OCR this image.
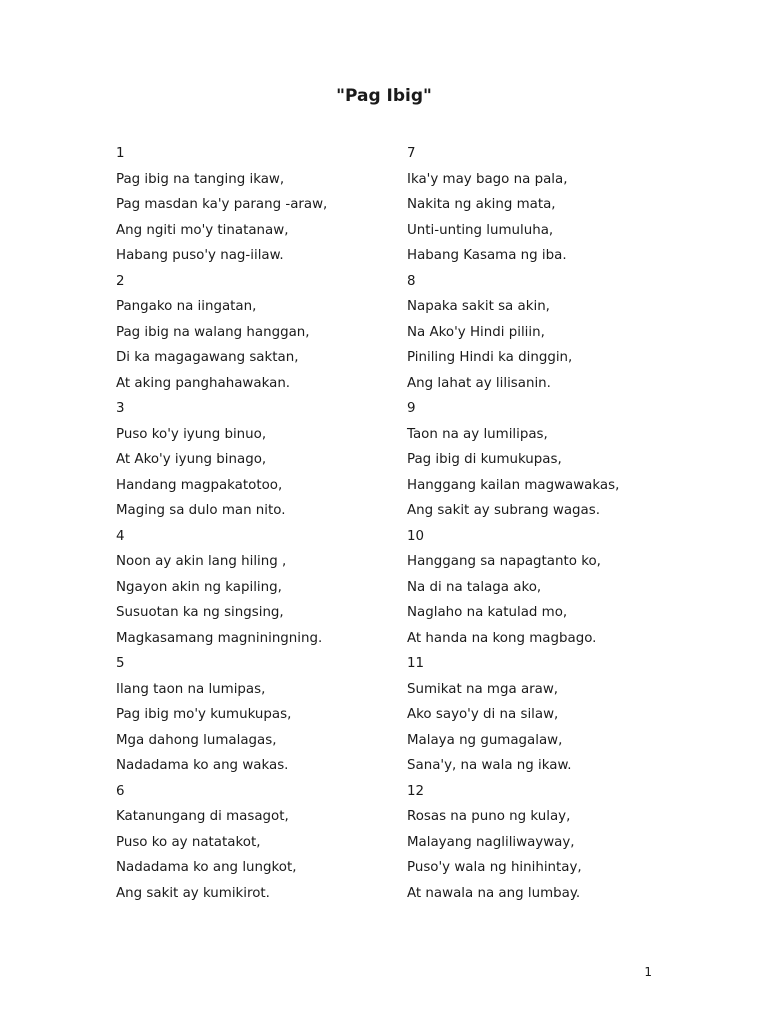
"Pag Ibig"
1
Pag ibig na tanging ikaw,
Pag masdan ka'y parang -araw,
Ang ngiti mo'y tinatanaw,
Habang puso'y nag-iilaw.
2
Pangako na iingatan,
Pag ibig na walang hanggan,
Di ka magagawang saktan,
At aking panghahawakan.
3
Puso ko'y iyung binuo,
At Ako'y iyung binago,
Handang magpakatotoo,
Maging sa dulo man nito.
4
Noon ay akin lang hiling ,
Ngayon akin ng kapiling,
Susuotan ka ng singsing,
Magkasamang magniningning.
5
Ilang taon na lumipas,
Pag ibig mo'y kumukupas,
Mga dahong lumalagas,
Nadadama ko ang wakas.
6
Katanungang di masagot,
Puso ko ay natatakot,
Nadadama ko ang lungkot,
Ang sakit ay kumikirot.
7
Ika'y may bago na pala,
Nakita ng aking mata,
Unti-unting lumuluha,
Habang Kasama ng iba.
8
Napaka sakit sa akin,
Na Ako'y Hindi piliin,
Piniling Hindi ka dinggin,
Ang lahat ay lilisanin.
9
Taon na ay lumilipas,
Pag ibig di kumukupas,
Hanggang kailan magwawakas,
Ang sakit ay subrang wagas.
10
Hanggang sa napagtanto ko,
Na di na talaga ako,
Naglaho na katulad mo,
At handa na kong magbago.
11
Sumikat na mga araw,
Ako sayo'y di na silaw,
Malaya ng gumagalaw,
Sana'y, na wala ng ikaw.
12
Rosas na puno ng kulay,
Malayang nagliliwayway,
Puso'y wala ng hinihintay,
At nawala na ang lumbay.
1
